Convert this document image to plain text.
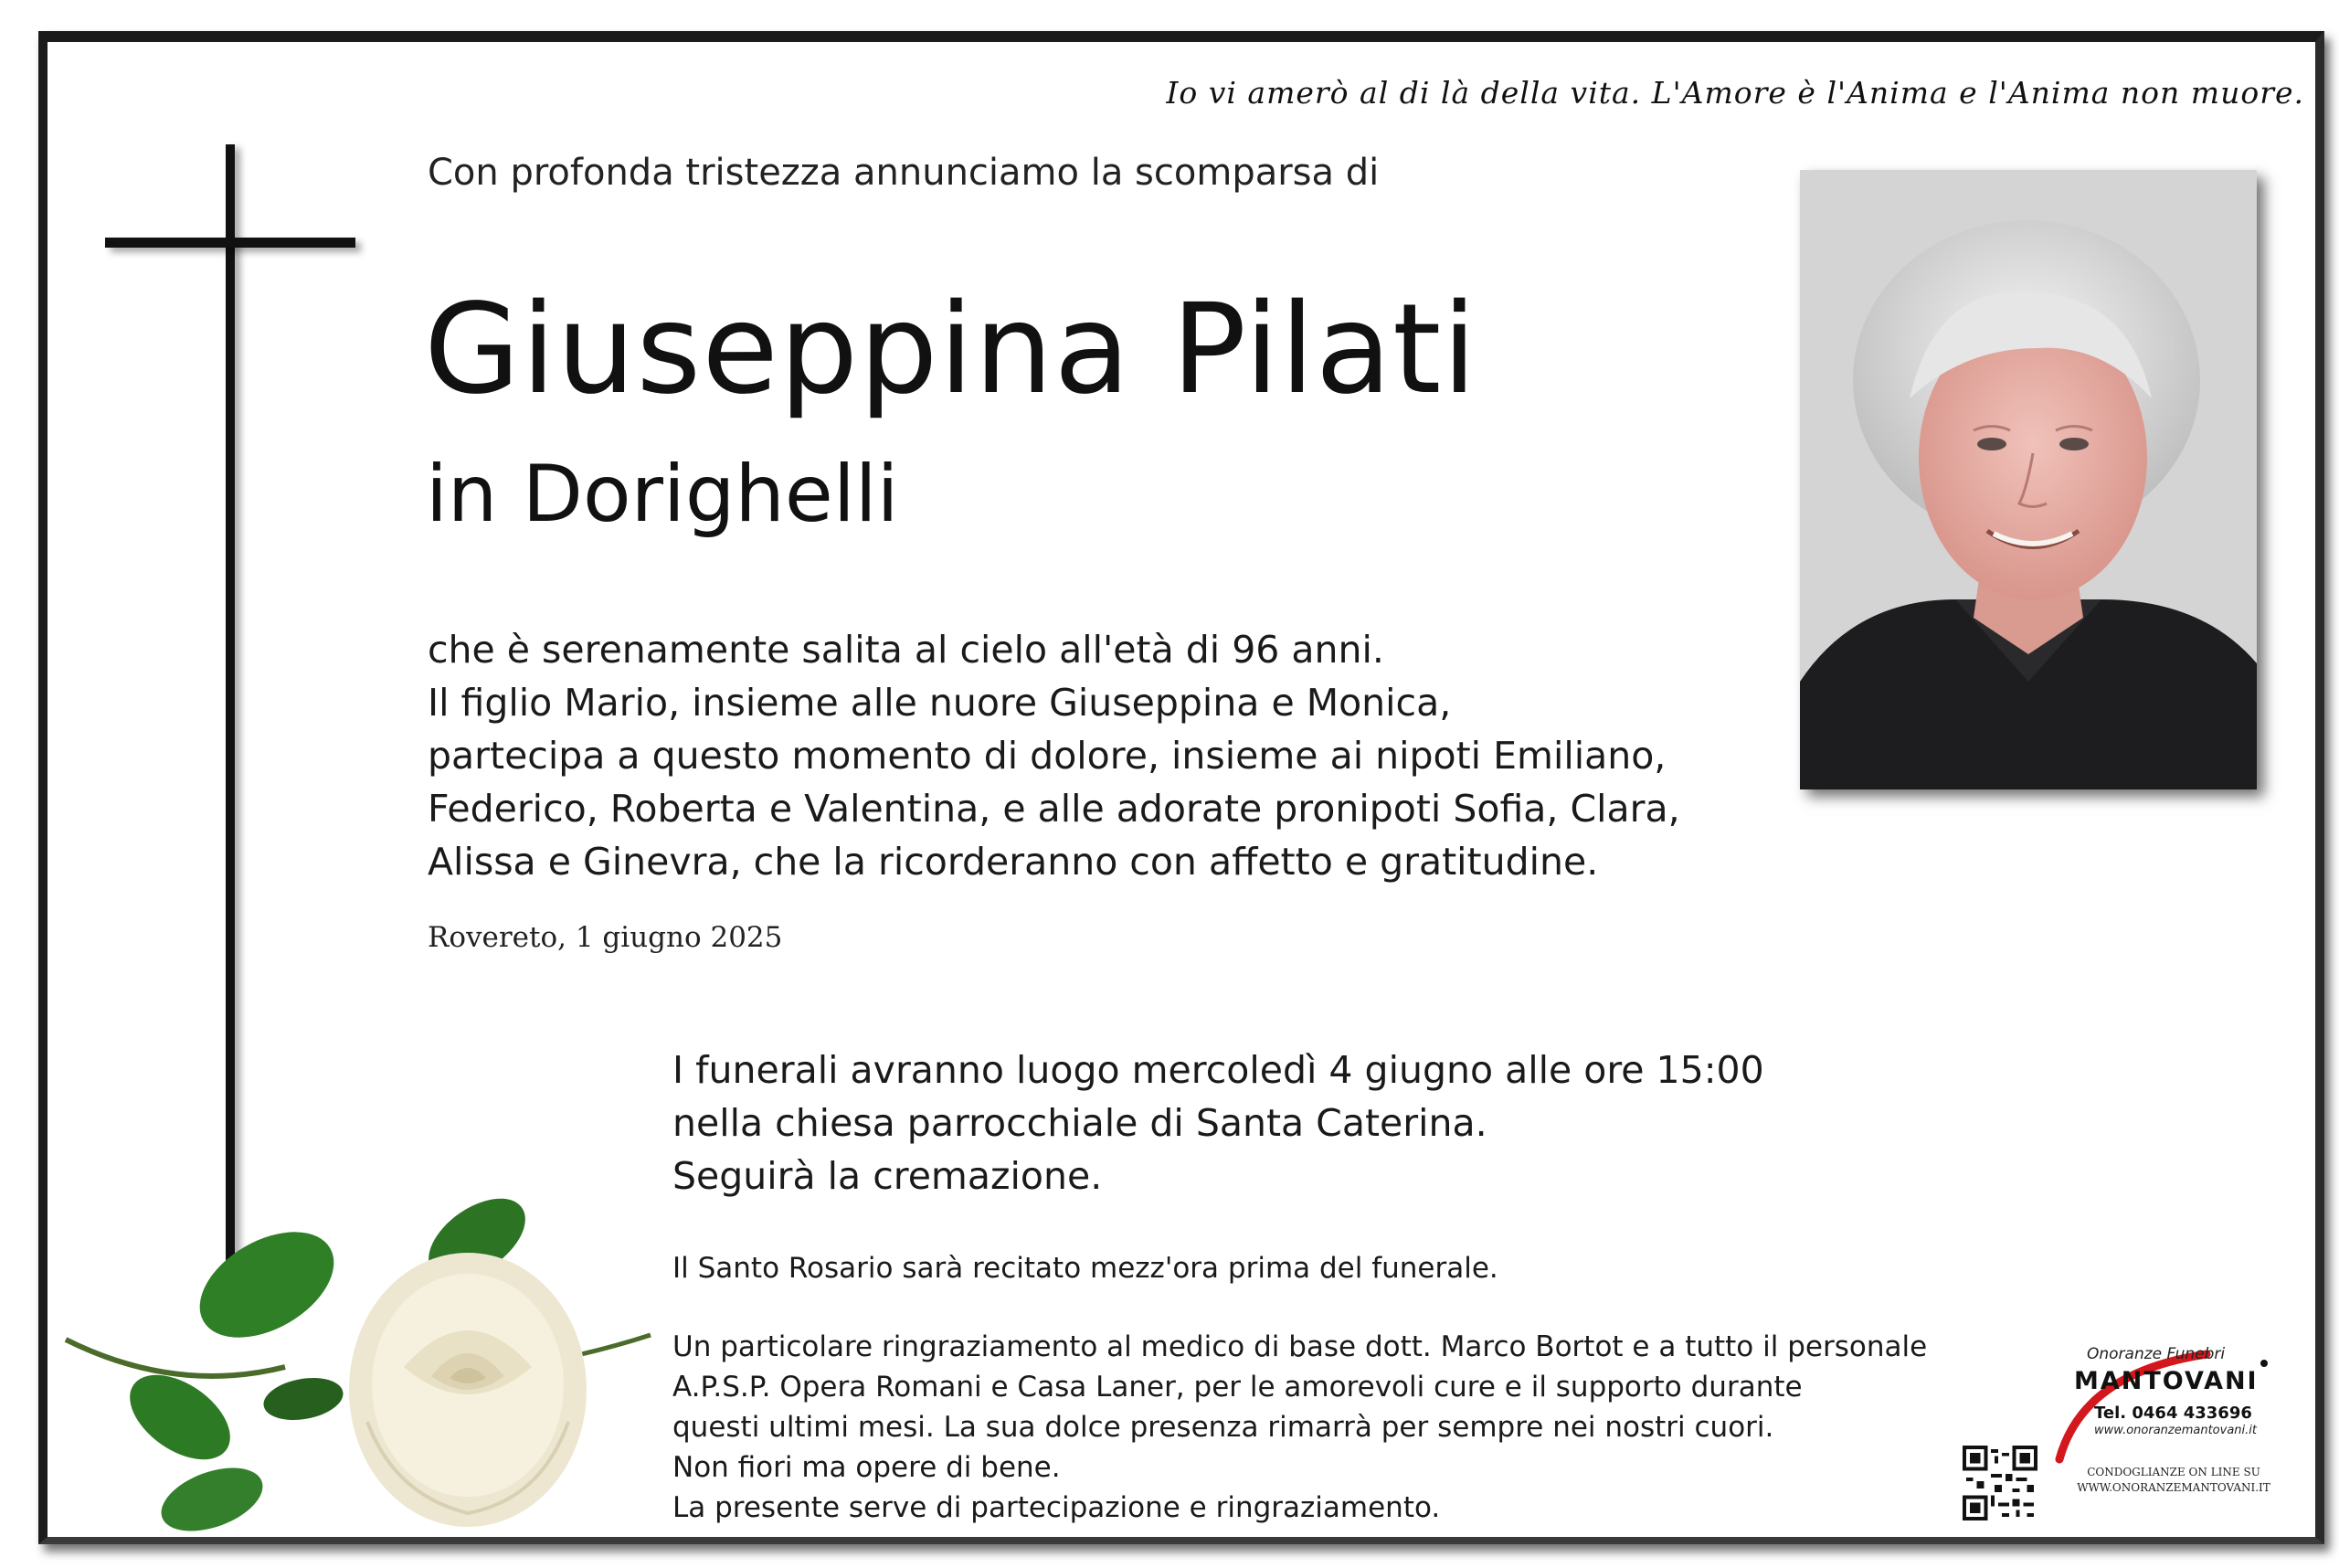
Io vi amerò al di là della vita. L'Amore è l'Anima e l'Anima non muore.
Con profonda tristezza annunciamo la scomparsa di
Giuseppina Pilati
in Dorighelli

che è serenamente salita al cielo all'età di 96 anni.

Il figlio Mario, insieme alle nuore Giuseppina e Monica,

partecipa a questo momento di dolore, insieme ai nipoti Emiliano,

Federico, Roberta e Valentina, e alle adorate pronipoti Sofia, Clara,

Alissa e Ginevra, che la ricorderanno con affetto e gratitudine.

Rovereto, 1 giugno 2025

I funerali avranno luogo mercoledì 4 giugno alle ore 15:00

nella chiesa parrocchiale di Santa Caterina.

Seguirà la cremazione.

Il Santo Rosario sarà recitato mezz'ora prima del funerale.

Un particolare ringraziamento al medico di base dott. Marco Bortot e a tutto il personale

A.P.S.P. Opera Romani e Casa Laner, per le amorevoli cure e il supporto durante

questi ultimi mesi. La sua dolce presenza rimarrà per sempre nei nostri cuori.

Non fiori ma opere di bene.

La presente serve di partecipazione e ringraziamento.

Onoranze Funebri
MANTOVANI
Tel. 0464 433696
www.onoranzemantovani.it
CONDOGLIANZE ON LINE SU
WWW.ONORANZEMANTOVANI.IT
